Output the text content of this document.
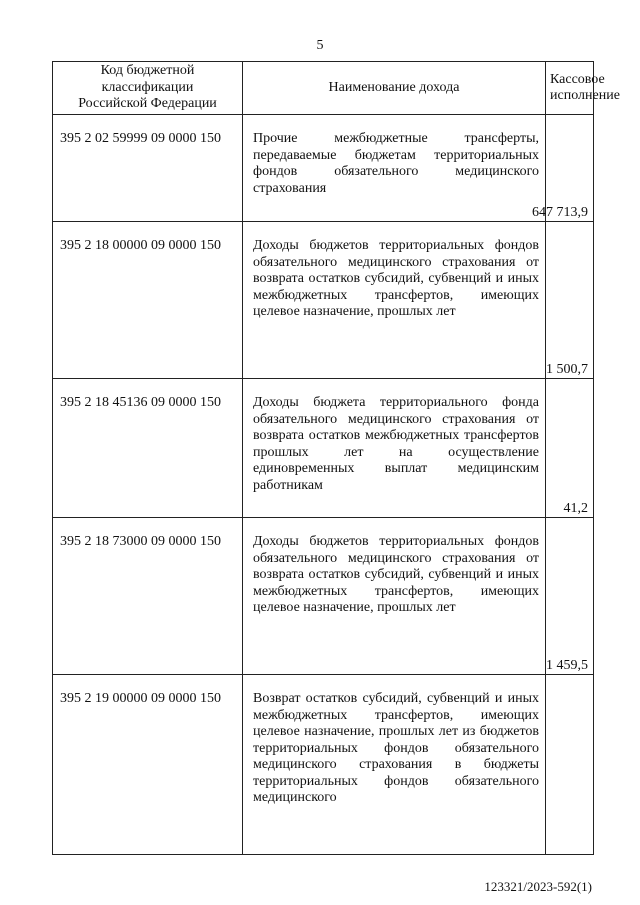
5
Код бюджетной классификации Российской Федерации	Наименование дохода	Кассовое исполнение

395 2 02 59999 09 0000 150	Прочие межбюджетные трансферты, передаваемые бюджетам территориальных фондов обязательного медицинского страхования	647 713,9

395 2 18 00000 09 0000 150	Доходы бюджетов территориальных фондов обязательного медицинского страхования от возврата остатков субсидий, субвенций и иных межбюджетных трансфертов, имеющих целевое назначение, прошлых лет	1 500,7

395 2 18 45136 09 0000 150	Доходы бюджета территориального фонда обязательного медицинского страхования от возврата остатков межбюджетных трансфертов прошлых лет на осуществление единовременных выплат медицинским работникам	41,2

395 2 18 73000 09 0000 150	Доходы бюджетов территориальных фондов обязательного медицинского страхования от возврата остатков субсидий, субвенций и иных межбюджетных трансфертов, имеющих целевое назначение, прошлых лет	1 459,5

395 2 19 00000 09 0000 150	Возврат остатков субсидий, субвенций и иных межбюджетных трансфертов, имеющих целевое назначение, прошлых лет из бюджетов территориальных фондов обязательного медицинского страхования в бюджеты территориальных фондов обязательного медицинского	

123321/2023-592(1)
